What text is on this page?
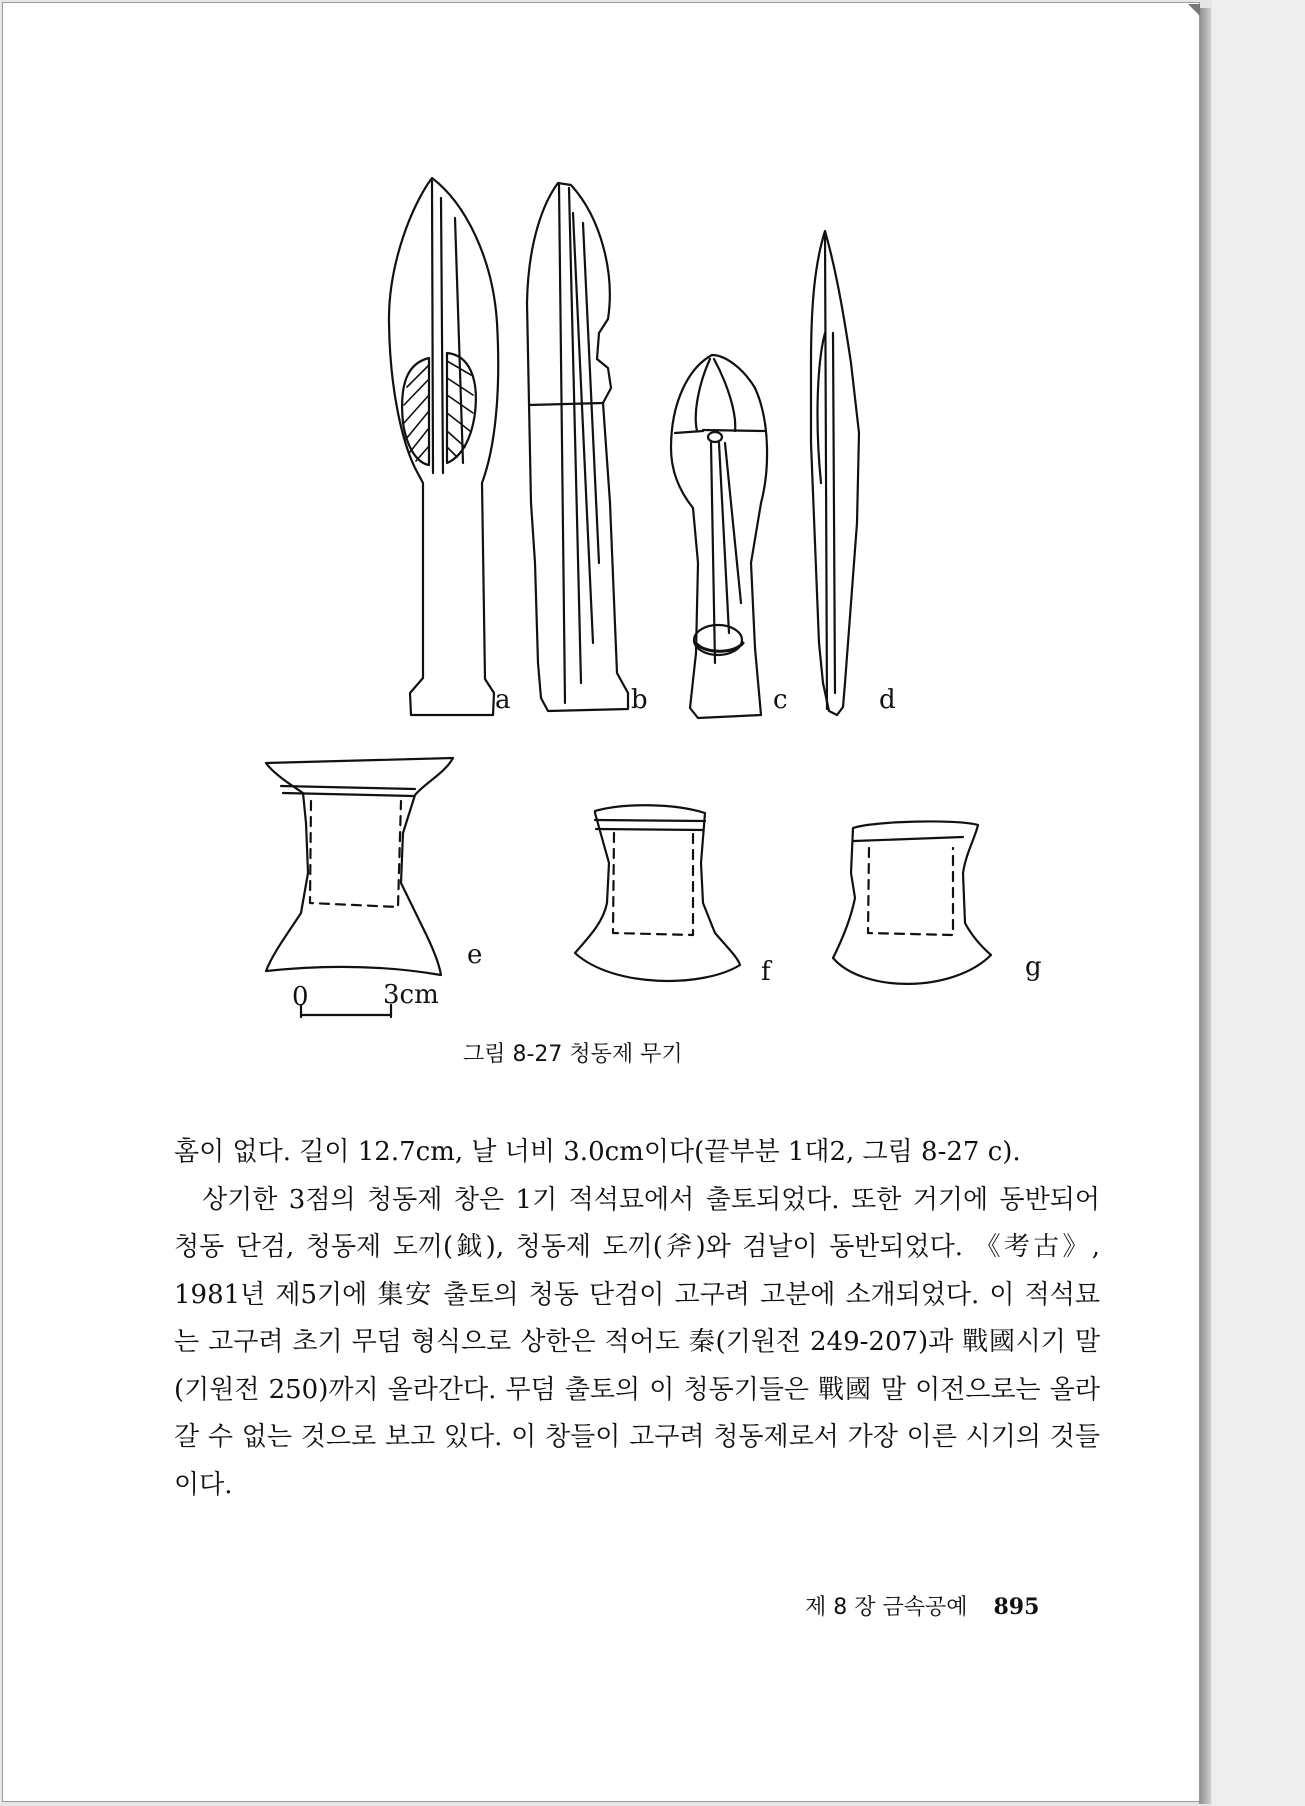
0	3cm
a	b	c	d
e
f	g
그림 8-27 청동제 무기

홈이 없다. 길이 12.7cm, 날 너비 3.0cm이다(끝부분 1대2, 그림 8-27 c).

상기한 3점의 청동제 창은 1기 적석묘에서 출토되었다. 또한 거기에 동반되어 청동 단검, 청동제 도끼(鉞), 청동제 도끼(斧)와 검날이 동반되었다. 《考古》, 1981년 제5기에 集安 출토의 청동 단검이 고구려 고분에 소개되었다. 이 적석묘는 고구려 초기 무덤 형식으로 상한은 적어도 秦(기원전 249-207)과 戰國시기 말(기원전 250)까지 올라간다. 무덤 출토의 이 청동기들은 戰國 말 이전으로는 올라갈 수 없는 것으로 보고 있다. 이 창들이 고구려 청동제로서 가장 이른 시기의 것들이다.

제 8 장 금속공예 895
